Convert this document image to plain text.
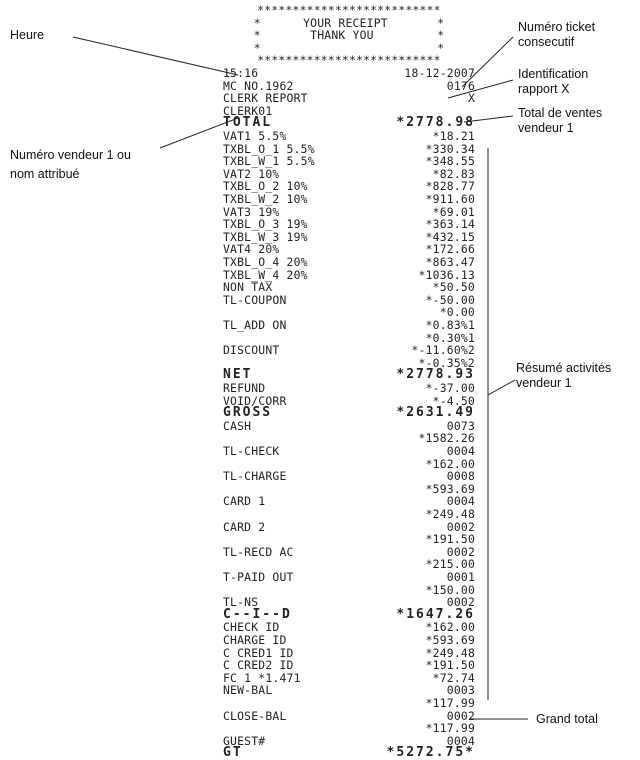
**************************
*      YOUR RECEIPT       *
*       THANK YOU         *
*                         *
**************************
15:16	18-12-2007
MC NO.1962	0176
CLERK REPORT	X
CLERK01
TOTAL	*2778.98
VAT1 5.5%	*18.21
TXBL_O_1 5.5%	*330.34
TXBL_W_1 5.5%	*348.55
VAT2 10%	*82.83
TXBL_O_2 10%	*828.77
TXBL_W_2 10%	*911.60
VAT3 19%	*69.01
TXBL_O_3 19%	*363.14
TXBL_W_3 19%	*432.15
VAT4 20%	*172.66
TXBL_O_4 20%	*863.47
TXBL_W_4 20%	*1036.13
NON TAX	*50.50
TL-COUPON	*-50.00
*0.00
TL_ADD ON	*0.83%1
*0.30%1
DISCOUNT	*-11.60%2
*-0.35%2
NET	*2778.93
REFUND	*-37.00
VOID/CORR	*-4.50
GROSS	*2631.49
CASH	0073
*1582.26
TL-CHECK	0004
*162.00
TL-CHARGE	0008
*593.69
CARD 1	0004
*249.48
CARD 2	0002
*191.50
TL-RECD AC	0002
*215.00
T-PAID OUT	0001
*150.00
TL-NS	0002
C--I--D	*1647.26
CHECK ID	*162.00
CHARGE ID	*593.69
C CRED1 ID	*249.48
C CRED2 ID	*191.50
FC 1 *1.471	*72.74
NEW-BAL	0003
*117.99
CLOSE-BAL	0002
*117.99
GUEST#	0004
GT	*5272.75*
Heure
Numéro ticket
consecutif
Identification
rapport X
Total de ventes
vendeur 1
Numéro vendeur 1 ou
nom attribué
Résumé activités
vendeur 1
Grand total
